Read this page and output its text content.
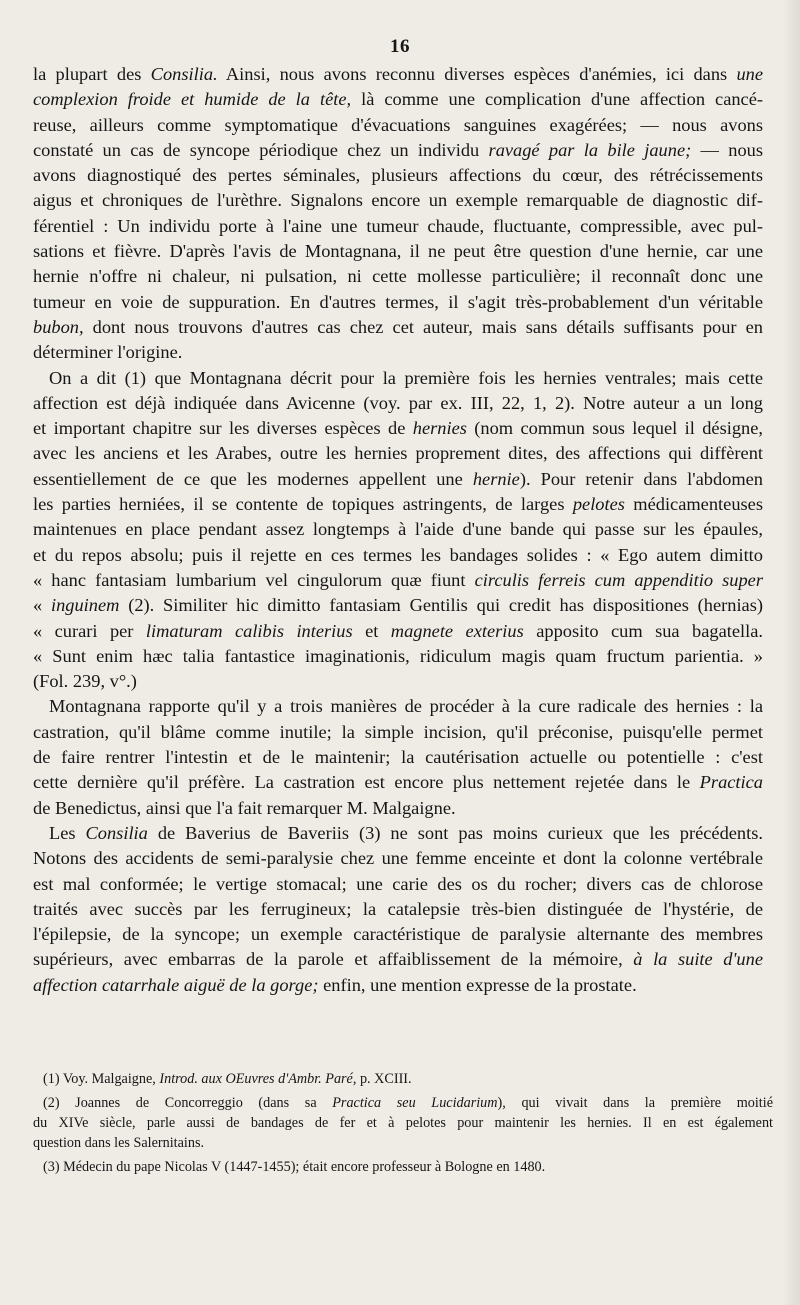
16
la plupart des Consilia. Ainsi, nous avons reconnu diverses espèces d'anémies, ici dans une
complexion froide et humide de la tête, là comme une complication d'une affection cancé-
reuse, ailleurs comme symptomatique d'évacuations sanguines exagérées; — nous avons
constaté un cas de syncope périodique chez un individu ravagé par la bile jaune; — nous
avons diagnostiqué des pertes séminales, plusieurs affections du cœur, des rétrécissements
aigus et chroniques de l'urèthre. Signalons encore un exemple remarquable de diagnostic dif-
férentiel : Un individu porte à l'aine une tumeur chaude, fluctuante, compressible, avec pul-
sations et fièvre. D'après l'avis de Montagnana, il ne peut être question d'une hernie, car une
hernie n'offre ni chaleur, ni pulsation, ni cette mollesse particulière; il reconnaît donc une
tumeur en voie de suppuration. En d'autres termes, il s'agit très-probablement d'un véritable
bubon, dont nous trouvons d'autres cas chez cet auteur, mais sans détails suffisants pour en
déterminer l'origine.
On a dit (1) que Montagnana décrit pour la première fois les hernies ventrales; mais cette
affection est déjà indiquée dans Avicenne (voy. par ex. III, 22, 1, 2). Notre auteur a un long
et important chapitre sur les diverses espèces de hernies (nom commun sous lequel il désigne,
avec les anciens et les Arabes, outre les hernies proprement dites, des affections qui diffèrent
essentiellement de ce que les modernes appellent une hernie). Pour retenir dans l'abdomen
les parties herniées, il se contente de topiques astringents, de larges pelotes médicamenteuses
maintenues en place pendant assez longtemps à l'aide d'une bande qui passe sur les épaules,
et du repos absolu; puis il rejette en ces termes les bandages solides : « Ego autem dimitto
« hanc fantasiam lumbarium vel cingulorum quæ fiunt circulis ferreis cum appenditio super
« inguinem (2). Similiter hic dimitto fantasiam Gentilis qui credit has dispositiones (hernias)
« curari per limaturam calibis interius et magnete exterius apposito cum sua bagatella.
« Sunt enim hæc talia fantastice imaginationis, ridiculum magis quam fructum parientia. »
(Fol. 239, v°.)
Montagnana rapporte qu'il y a trois manières de procéder à la cure radicale des hernies : la
castration, qu'il blâme comme inutile; la simple incision, qu'il préconise, puisqu'elle permet
de faire rentrer l'intestin et de le maintenir; la cautérisation actuelle ou potentielle : c'est
cette dernière qu'il préfère. La castration est encore plus nettement rejetée dans le Practica
de Benedictus, ainsi que l'a fait remarquer M. Malgaigne.
Les Consilia de Baverius de Baveriis (3) ne sont pas moins curieux que les précédents.
Notons des accidents de semi-paralysie chez une femme enceinte et dont la colonne vertébrale
est mal conformée; le vertige stomacal; une carie des os du rocher; divers cas de chlorose
traités avec succès par les ferrugineux; la catalepsie très-bien distinguée de l'hystérie, de
l'épilepsie, de la syncope; un exemple caractéristique de paralysie alternante des membres
supérieurs, avec embarras de la parole et affaiblissement de la mémoire, à la suite d'une
affection catarrhale aiguë de la gorge; enfin, une mention expresse de la prostate.
(1) Voy. Malgaigne, Introd. aux OEuvres d'Ambr. Paré, p. XCIII.
(2) Joannes de Concorreggio (dans sa Practica seu Lucidarium), qui vivait dans la première moitié
du XIVe siècle, parle aussi de bandages de fer et à pelotes pour maintenir les hernies. Il en est également
question dans les Salernitains.
(3) Médecin du pape Nicolas V (1447-1455); était encore professeur à Bologne en 1480.
